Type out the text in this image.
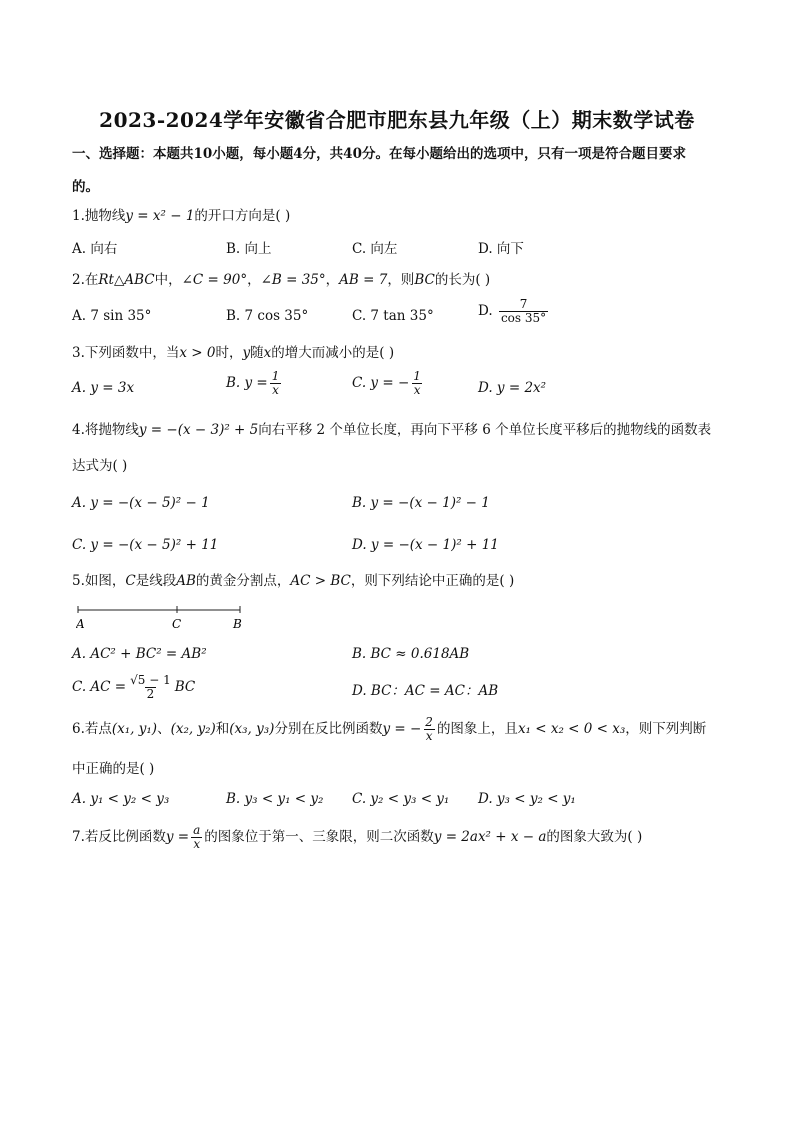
2023-2024学年安徽省合肥市肥东县九年级（上）期末数学试卷
一、选择题：本题共10小题，每小题4分，共40分。在每小题给出的选项中，只有一项是符合题目要求
的。
1.抛物线y = x² − 1的开口方向是( )
A. 向右	B. 向上	C. 向左	D. 向下
2.在Rt△ABC中，∠C = 90°，∠B = 35°，AB = 7，则BC的长为( )
A. 7 sin 35°	B. 7 cos 35°	C. 7 tan 35°	D. $\frac{7}{\cos 35^\circ}$
3.下列函数中，当x > 0时，y随x的增大而减小的是( )
A. y = 3x	B. $y = \frac{1}{x}$	C. y = − $\frac{1}{x}$	D. y = 2x²
4.将抛物线y = −(x − 3)² + 5向右平移 2 个单位长度，再向下平移 6 个单位长度平移后的抛物线的函数表
达式为( )
A. y = −(x − 5)² − 1	B. y = −(x − 1)² − 1
C. y = −(x − 5)² + 11	D. y = −(x − 1)² + 11
5.如图，C是线段AB的黄金分割点，AC > BC，则下列结论中正确的是( )
A	C	B
A. AC² + BC² = AB²	B. BC ≈ 0.618AB
C. AC = $\frac{√5 - 1}{2}$ BC	D. BC：AC = AC：AB
6.若点(x₁, y₁)、(x₂, y₂)和(x₃, y₃)分别在反比例函数y = − $\frac{2}{x}$ 的图象上，且x₁ < x₂ < 0 < x₃，则下列判断
中正确的是( )
A. y₁ < y₂ < y₃	B. y₃ < y₁ < y₂ C. y₂ < y₃ < y₁ D. y₃ < y₂ < y₁
7.若反比例函数$y = \frac{a}{x}$ 的图象位于第一、三象限，则二次函数y = 2ax² + x − a的图象大致为( )
